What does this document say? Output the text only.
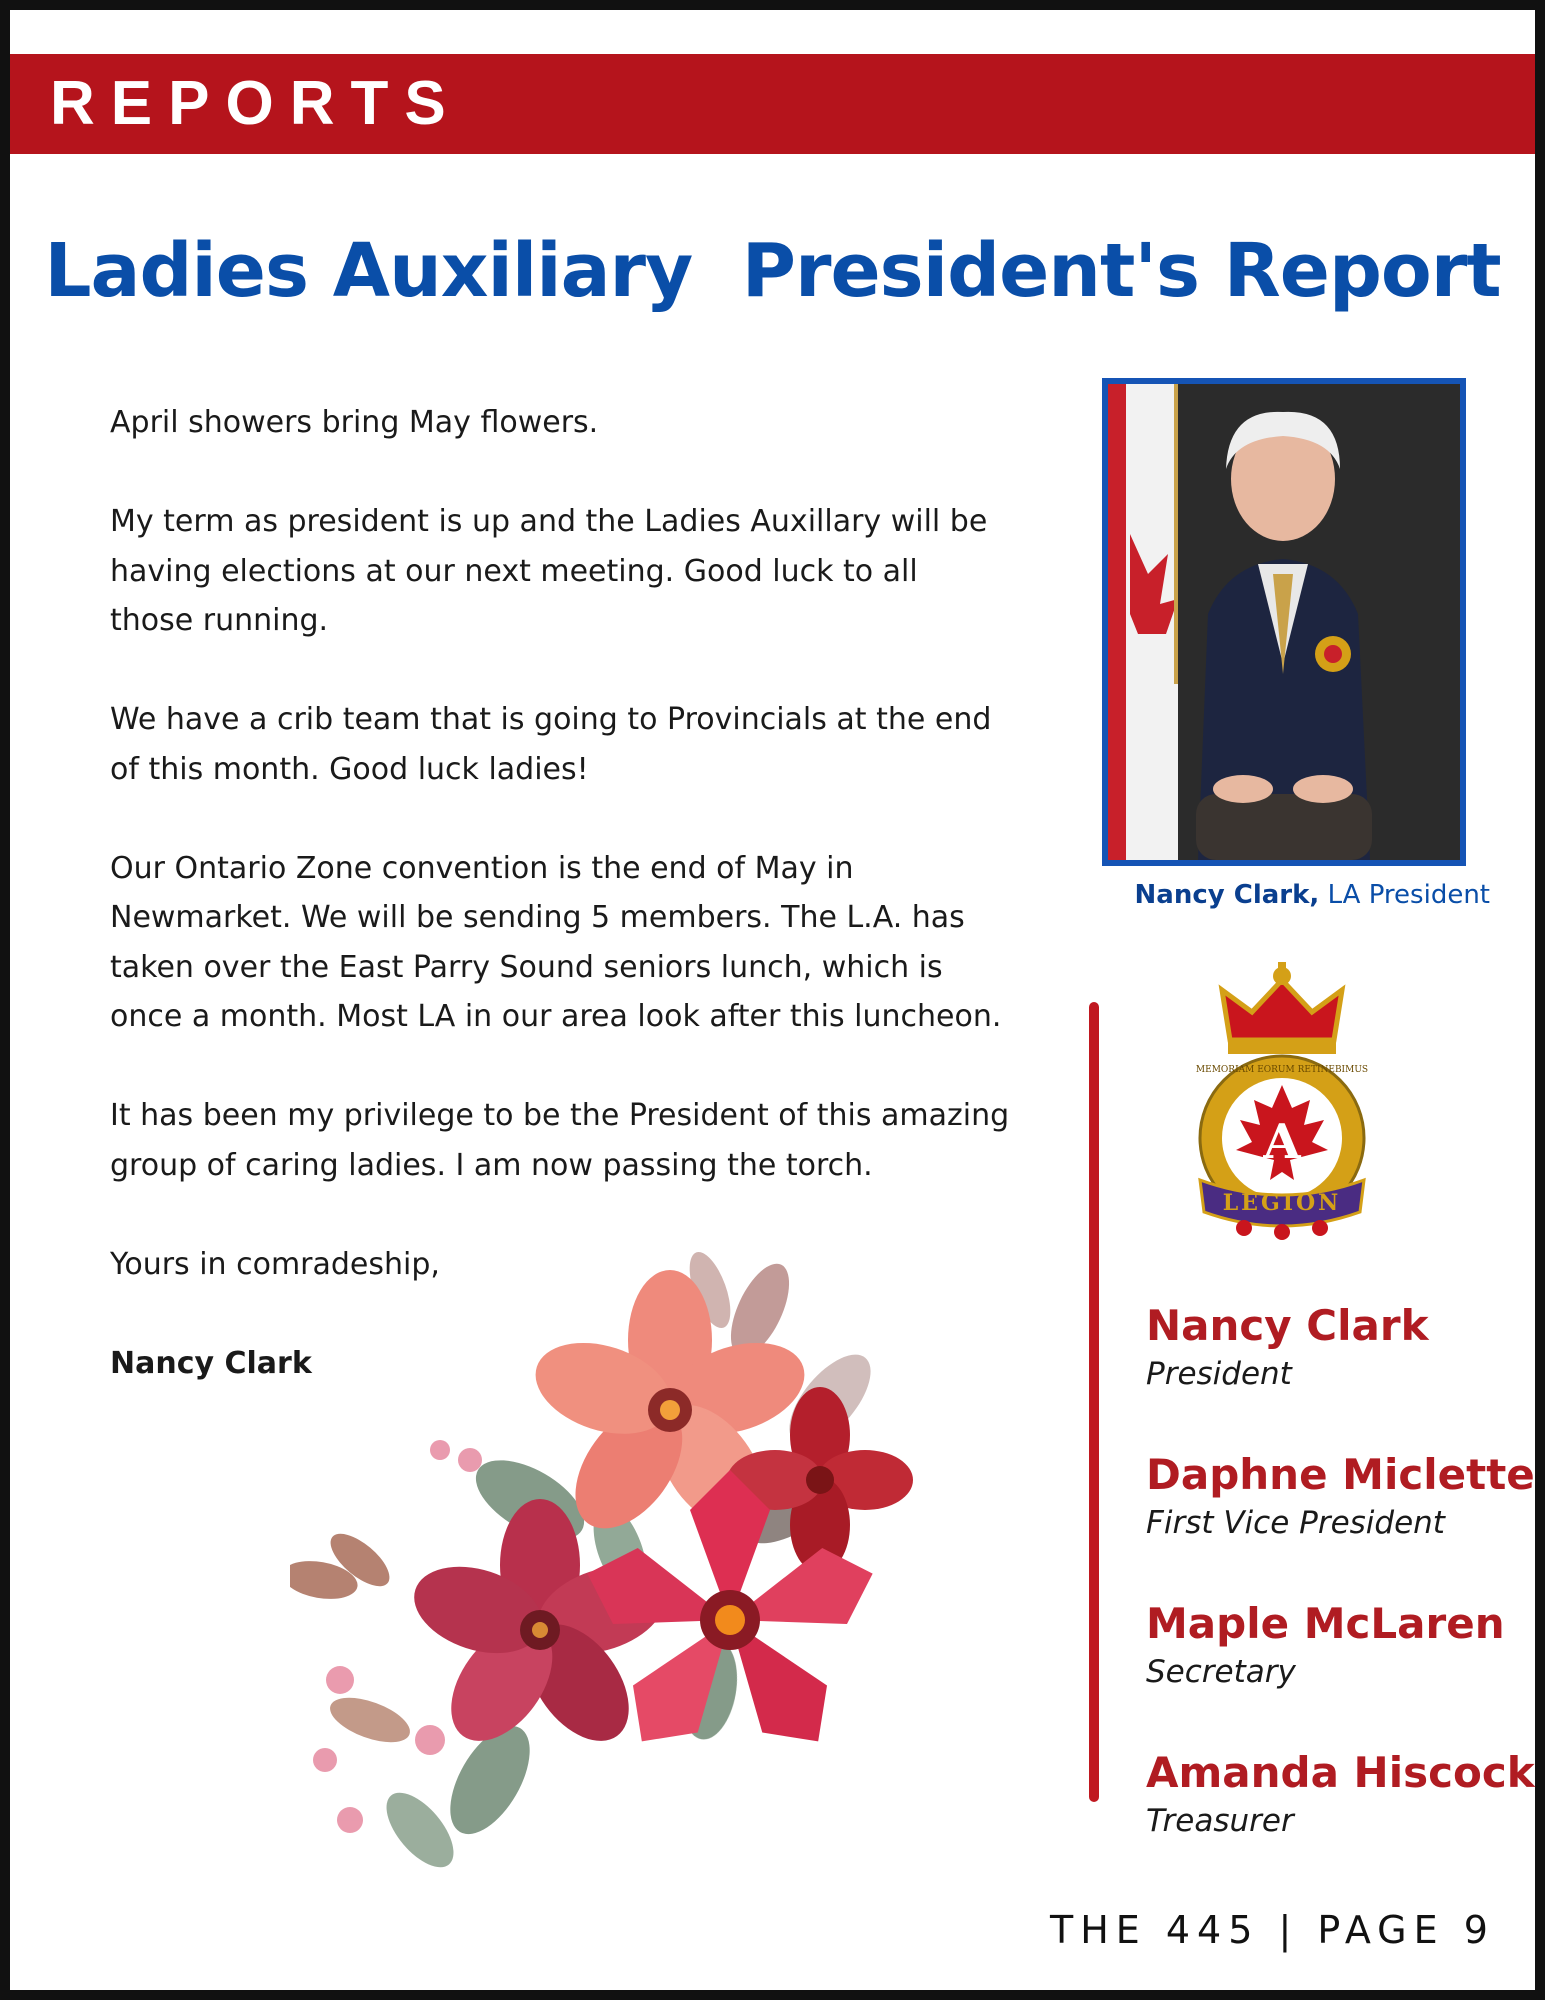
REPORTS
Ladies Auxiliary  President's Report

April showers bring May flowers.

My term as president is up and the Ladies Auxillary will be having elections at our next meeting. Good luck to all those running.

We have a crib team that is going to Provincials at the end of this month. Good luck ladies!

Our Ontario Zone convention is the end of May in Newmarket. We will be sending 5 members. The L.A. has taken over the East Parry Sound seniors lunch, which is once a month. Most LA in our area look after this luncheon.

It has been my privilege to be the President of this amazing group of caring ladies. I am now passing the torch.

Yours in comradeship,

Nancy Clark

Nancy Clark, LA President
A
LEGION
MEMORIAM EORUM RETINEBIMUS
Nancy Clark
President
Daphne Miclette
First Vice President
Maple McLaren
Secretary
Amanda Hiscock
Treasurer
THE 445 | PAGE 9
